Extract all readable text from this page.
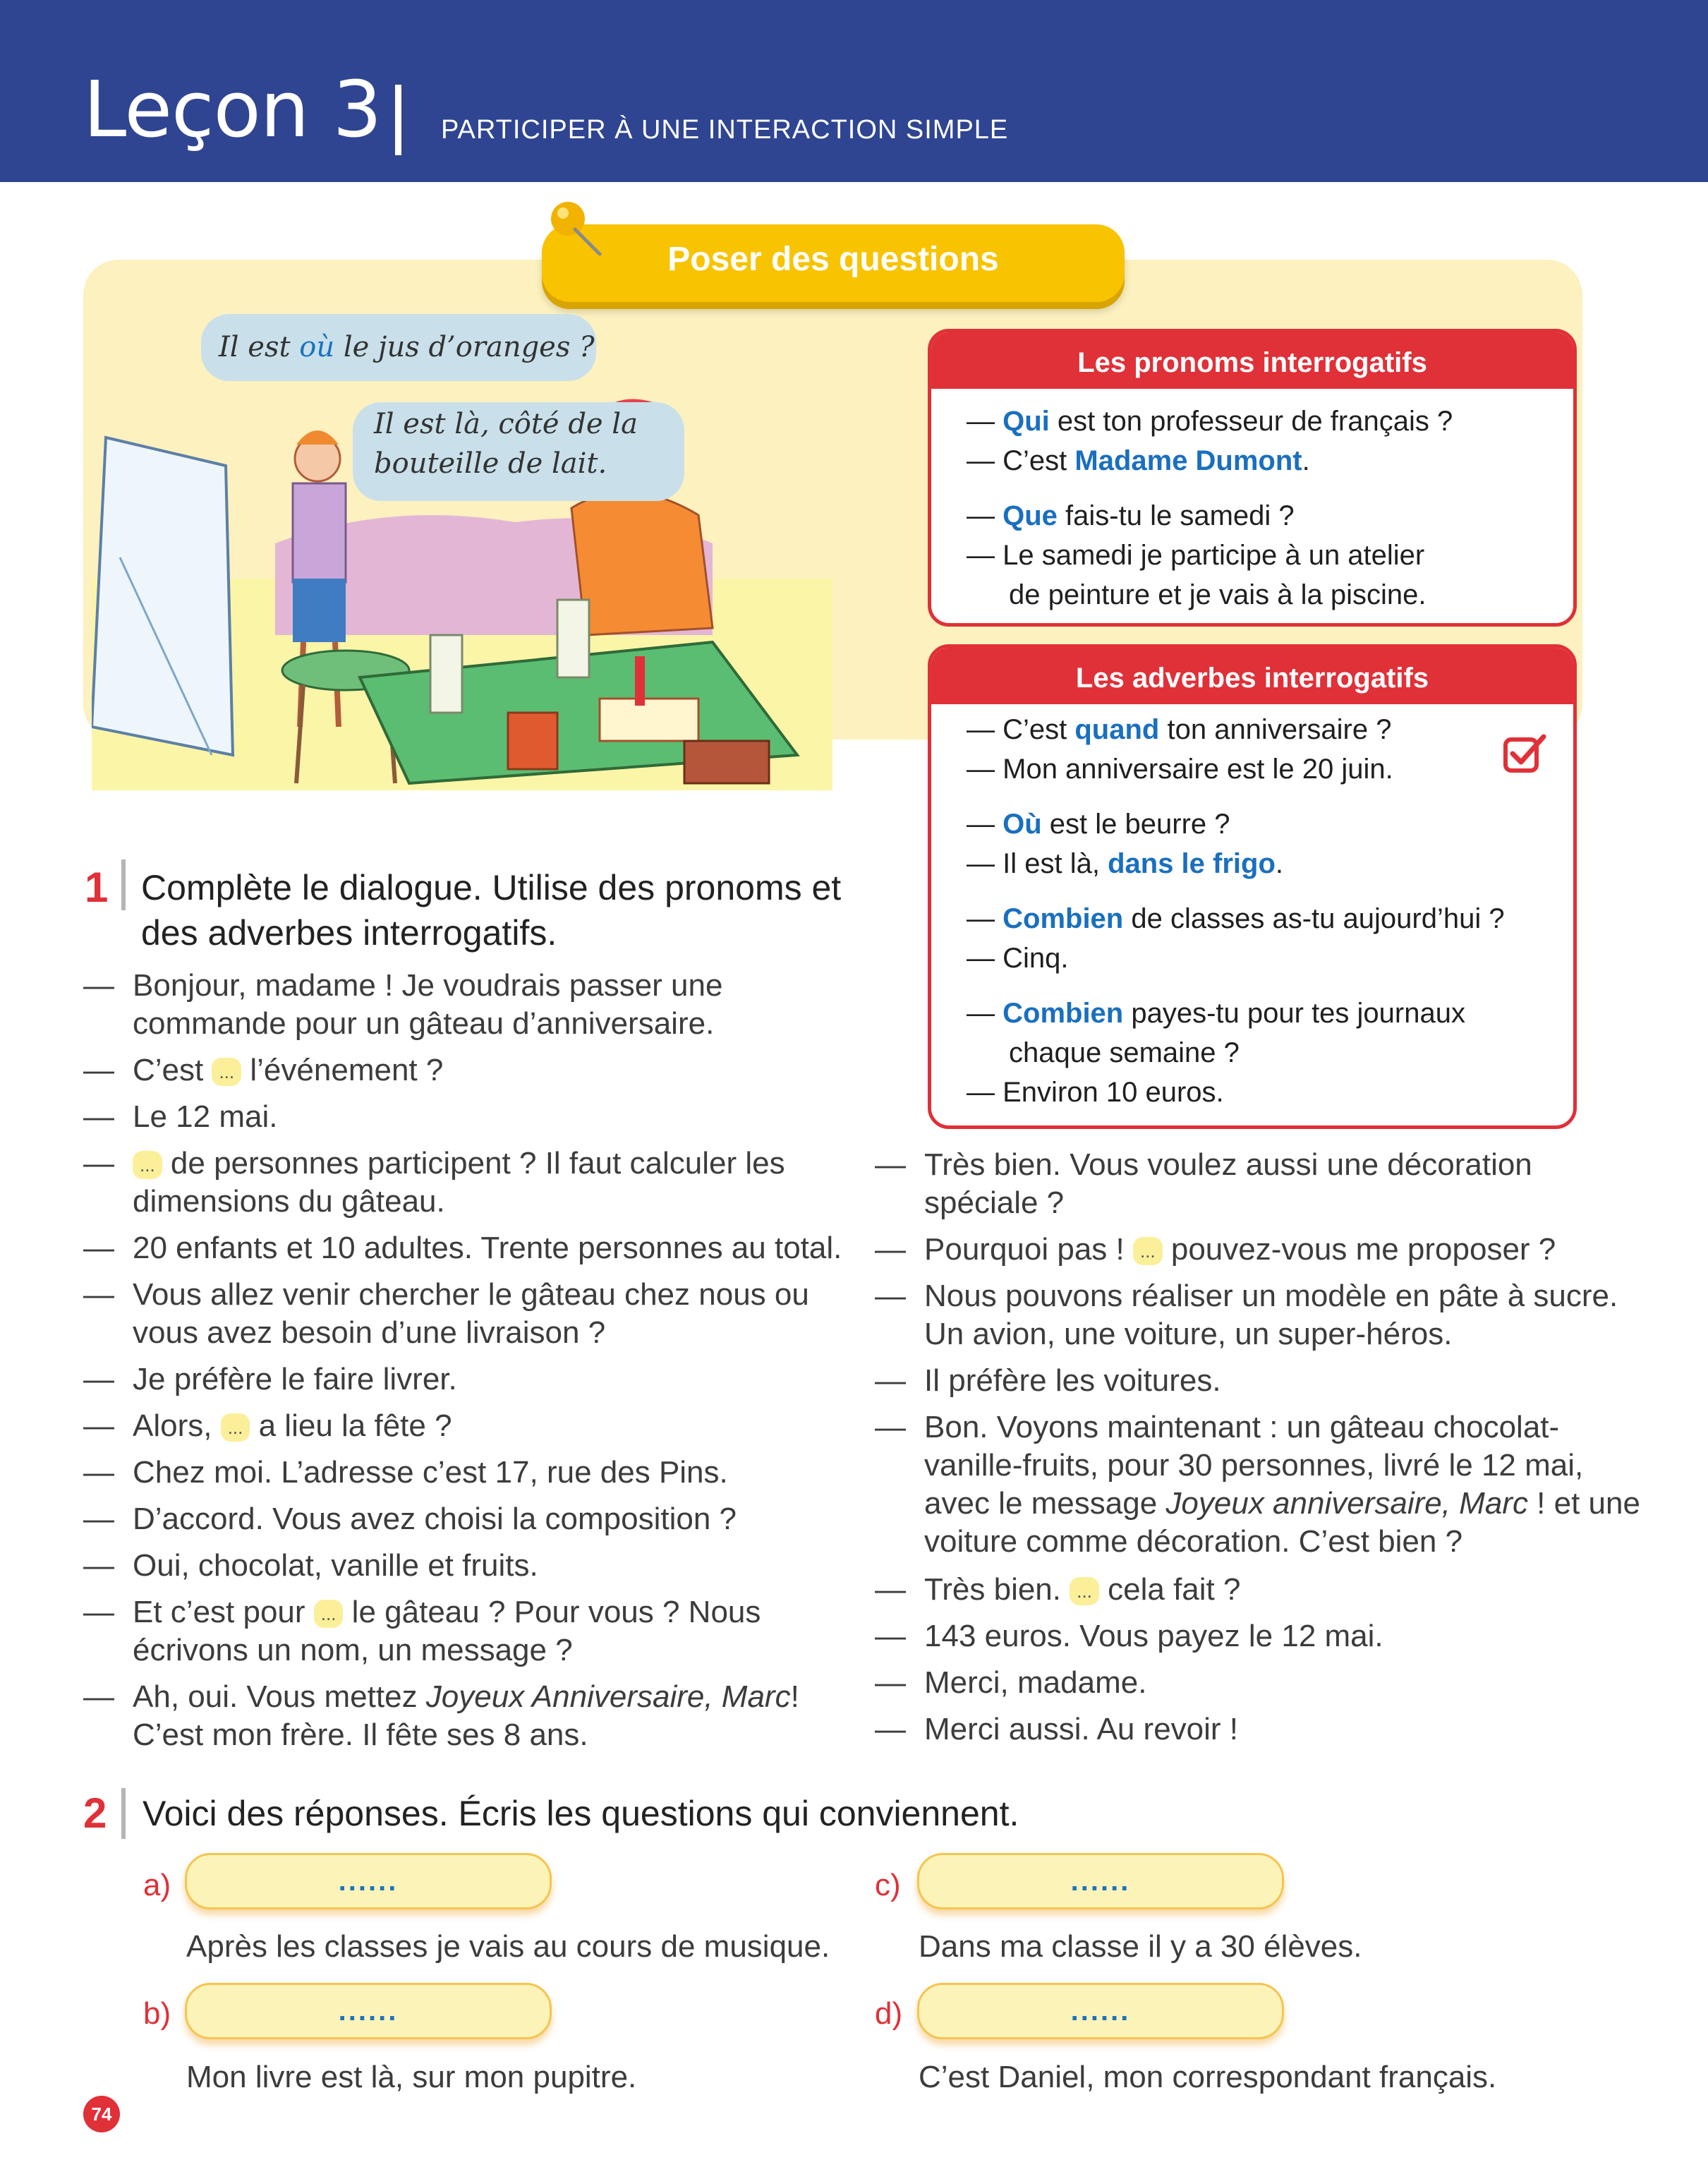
Leçon 3 PARTICIPER À UNE INTERACTION SIMPLE
Poser des questions
Il est où le jus d’oranges ?
Il est là, côté de la bouteille de lait.
Les pronoms interrogatifs
— Qui est ton professeur de français ?
— C’est Madame Dumont.
— Que fais-tu le samedi ?
— Le samedi je participe à un atelier
de peinture et je vais à la piscine.
Les adverbes interrogatifs
— C’est quand ton anniversaire ?
— Mon anniversaire est le 20 juin.
— Où est le beurre ?
— Il est là, dans le frigo.
— Combien de classes as-tu aujourd’hui ?
— Cinq.
— Combien payes-tu pour tes journaux
chaque semaine ?
— Environ 10 euros.
1 Complète le dialogue. Utilise des pronoms et
des adverbes interrogatifs.
— Bonjour, madame ! Je voudrais passer une
commande pour un gâteau d’anniversaire.
— C’est ... l’événement ?
— Le 12 mai.
—	... de personnes participent ? Il faut calculer les
dimensions du gâteau.
— 20 enfants et 10 adultes. Trente personnes au total.
— Vous allez venir chercher le gâteau chez nous ou
vous avez besoin d’une livraison ?
— Je préfère le faire livrer.
— Alors, ... a lieu la fête ?
— Chez moi. L’adresse c’est 17, rue des Pins.
— D’accord. Vous avez choisi la composition ?
— Oui, chocolat, vanille et fruits.
— Et c’est pour ... le gâteau ? Pour vous ? Nous
écrivons un nom, un message ?
— Ah, oui. Vous mettez Joyeux Anniversaire, Marc!
C’est mon frère. Il fête ses 8 ans.
— Très bien. Vous voulez aussi une décoration
spéciale ?
— Pourquoi pas ! ... pouvez-vous me proposer ?
— Nous pouvons réaliser un modèle en pâte à sucre.
Un avion, une voiture, un super-héros.
— Il préfère les voitures.
— Bon. Voyons maintenant : un gâteau chocolat-
vanille-fruits, pour 30 personnes, livré le 12 mai,
avec le message Joyeux anniversaire, Marc ! et une
voiture comme décoration. C’est bien ?
— Très bien. ... cela fait ?
— 143 euros. Vous payez le 12 mai.
— Merci, madame.
— Merci aussi. Au revoir !
2 Voici des réponses. Écris les questions qui conviennent.
a)	......
Après les classes je vais au cours de musique.
b)	......
Mon livre est là, sur mon pupitre.
c)	......
Dans ma classe il y a 30 élèves.
d)	......
C’est Daniel, mon correspondant français.
74
